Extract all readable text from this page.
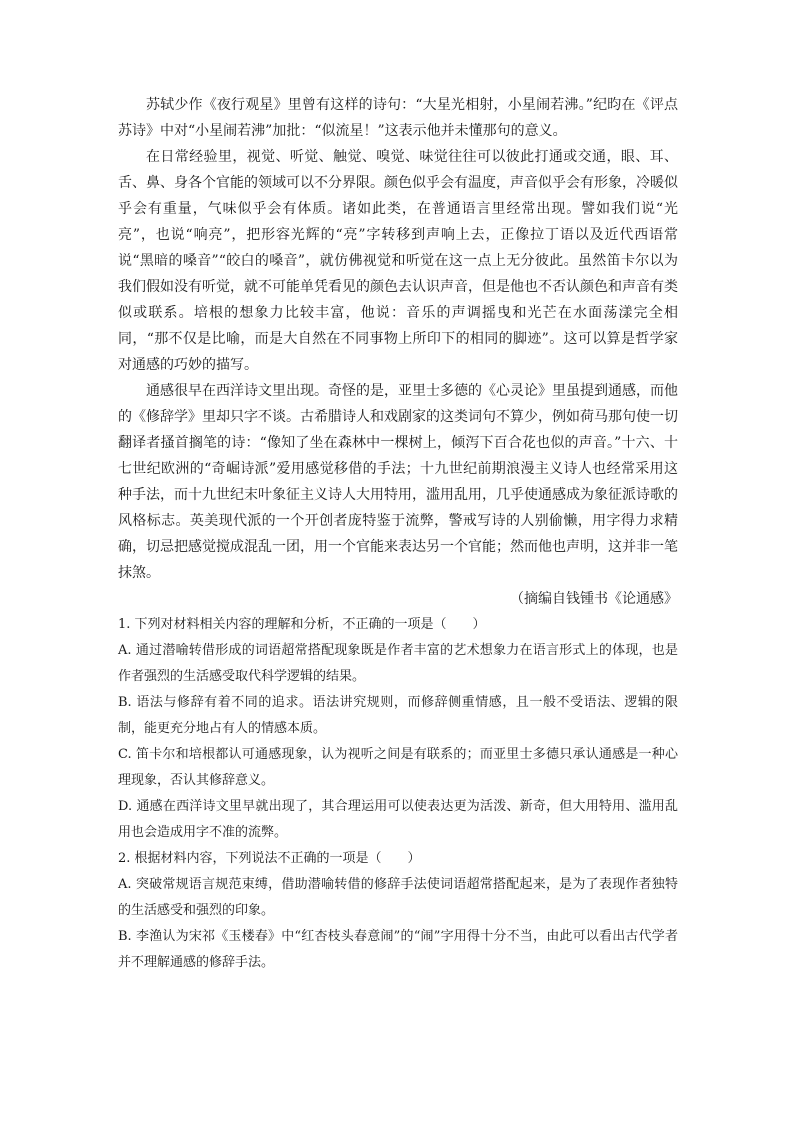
苏轼少作《夜行观星》里曾有这样的诗句：“大星光相射，小星闹若沸。”纪昀在《评点苏诗》中对“小星闹若沸”加批：“似流星！”这表示他并未懂那句的意义。

在日常经验里，视觉、听觉、触觉、嗅觉、味觉往往可以彼此打通或交通，眼、耳、舌、鼻、身各个官能的领域可以不分界限。颜色似乎会有温度，声音似乎会有形象，冷暖似乎会有重量，气味似乎会有体质。诸如此类，在普通语言里经常出现。譬如我们说“光亮”，也说“响亮”，把形容光辉的“亮”字转移到声响上去，正像拉丁语以及近代西语常说“黑暗的嗓音”“皎白的嗓音”，就仿佛视觉和听觉在这一点上无分彼此。虽然笛卡尔以为我们假如没有听觉，就不可能单凭看见的颜色去认识声音，但是他也不否认颜色和声音有类似或联系。培根的想象力比较丰富，他说：音乐的声调摇曳和光芒在水面荡漾完全相同，“那不仅是比喻，而是大自然在不同事物上所印下的相同的脚迹”。这可以算是哲学家对通感的巧妙的描写。

通感很早在西洋诗文里出现。奇怪的是，亚里士多德的《心灵论》里虽提到通感，而他的《修辞学》里却只字不谈。古希腊诗人和戏剧家的这类词句不算少，例如荷马那句使一切翻译者搔首搁笔的诗：“像知了坐在森林中一棵树上，倾泻下百合花也似的声音。”十六、十七世纪欧洲的“奇崛诗派”爱用感觉移借的手法；十九世纪前期浪漫主义诗人也经常采用这种手法，而十九世纪末叶象征主义诗人大用特用，滥用乱用，几乎使通感成为象征派诗歌的风格标志。英美现代派的一个开创者庞特鉴于流弊，警戒写诗的人别偷懒，用字得力求精确，切忌把感觉搅成混乱一团，用一个官能来表达另一个官能；然而他也声明，这并非一笔抹煞。

（摘编自钱锺书《论通感》

1. 下列对材料相关内容的理解和分析，不正确的一项是（　　）

A. 通过潜喻转借形成的词语超常搭配现象既是作者丰富的艺术想象力在语言形式上的体现，也是作者强烈的生活感受取代科学逻辑的结果。

B. 语法与修辞有着不同的追求。语法讲究规则，而修辞侧重情感，且一般不受语法、逻辑的限制，能更充分地占有人的情感本质。

C. 笛卡尔和培根都认可通感现象，认为视听之间是有联系的；而亚里士多德只承认通感是一种心理现象，否认其修辞意义。

D. 通感在西洋诗文里早就出现了，其合理运用可以使表达更为活泼、新奇，但大用特用、滥用乱用也会造成用字不准的流弊。

2. 根据材料内容，下列说法不正确的一项是（　　）

A. 突破常规语言规范束缚，借助潜喻转借的修辞手法使词语超常搭配起来，是为了表现作者独特的生活感受和强烈的印象。

B. 李渔认为宋祁《玉楼春》中“红杏枝头春意闹”的“闹”字用得十分不当，由此可以看出古代学者并不理解通感的修辞手法。
